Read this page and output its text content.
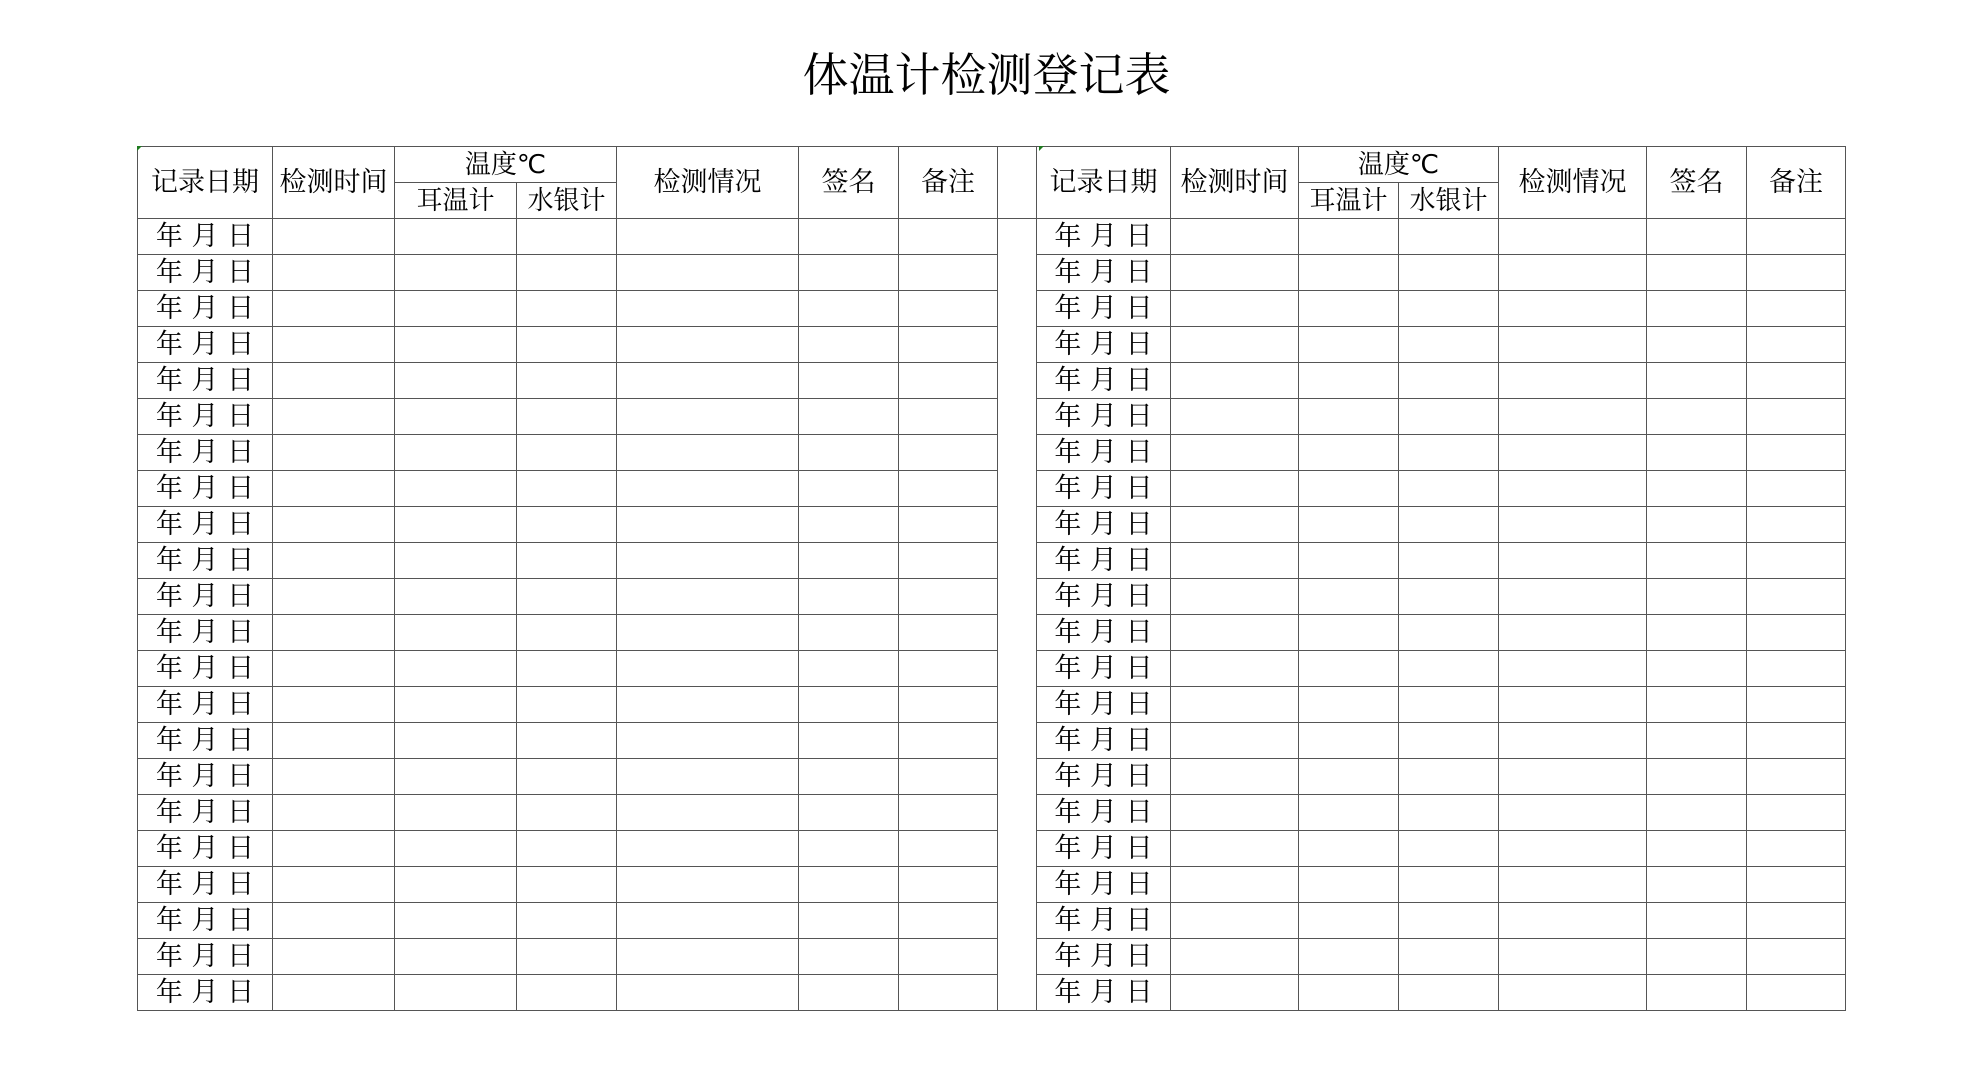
体温计检测登记表
记录日期	检测时间	温度℃		检测情况	签名	备注		记录日期	检测时间	温度℃		检测情况	签名	备注
		耳温计	水银计							耳温计	水银计			
年 月 日								年 月 日						
年 月 日								年 月 日						
年 月 日								年 月 日						
年 月 日								年 月 日						
年 月 日								年 月 日						
年 月 日								年 月 日						
年 月 日								年 月 日						
年 月 日								年 月 日						
年 月 日								年 月 日						
年 月 日								年 月 日						
年 月 日								年 月 日						
年 月 日								年 月 日						
年 月 日								年 月 日						
年 月 日								年 月 日						
年 月 日								年 月 日						
年 月 日								年 月 日						
年 月 日								年 月 日						
年 月 日								年 月 日						
年 月 日								年 月 日						
年 月 日								年 月 日						
年 月 日								年 月 日						
年 月 日								年 月 日						
